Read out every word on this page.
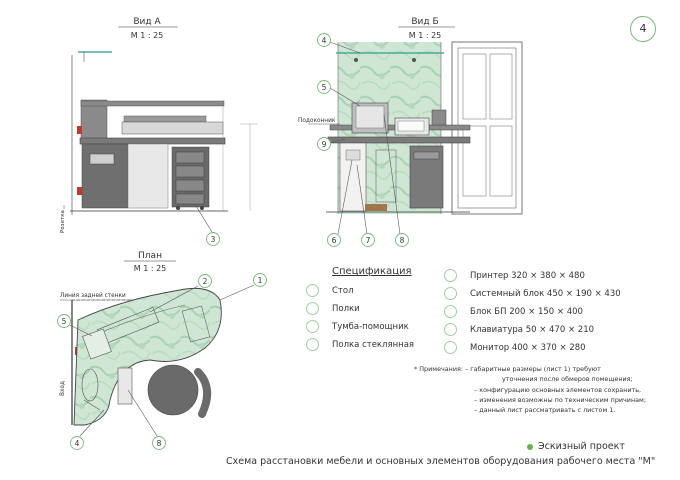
4
Вид А
М 1 : 25
Розетка
3
Вид Б
М 1 : 25
Подоконник
4
5
9
6	7	8
План
М 1 : 25
Линия задней стенки
Вход
1
2
5
4	8
Спецификация
Стол
Полки
Тумба-помощник
Полка стеклянная
Принтер 320 × 380 × 480
Системный блок 450 × 190 × 430
Блок БП 200 × 150 × 400
Клавиатура 50 × 470 × 210
Монитор 400 × 370 × 280
* Примечания: – габаритные размеры (лист 1) требуют
уточнения после обмеров помещения;
– конфигурацию основных элементов сохранить,
– изменения возможны по техническим причинам;
– данный лист рассматривать с листом 1.
Эскизный проект
Схема расстановки мебели и основных элементов оборудования рабочего места "М"
